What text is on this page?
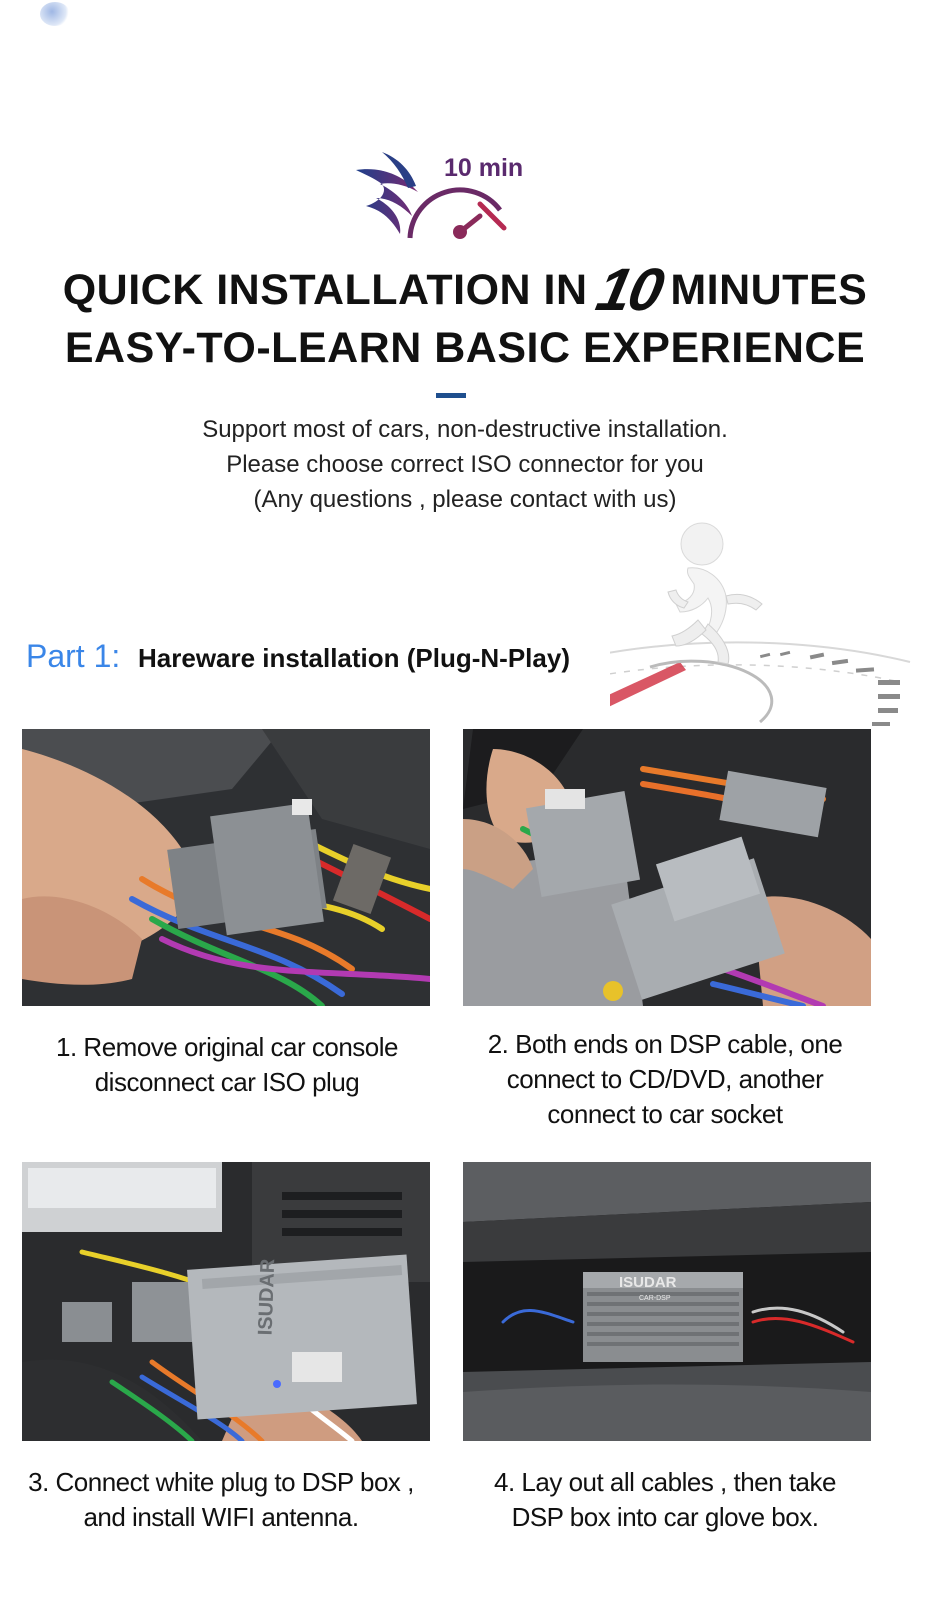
10 min
QUICK INSTALLATION IN10MINUTES
EASY-TO-LEARN BASIC EXPERIENCE
Support most of cars, non-destructive installation.
Please choose correct ISO connector for you
(Any questions , please contact with us)
Part 1: Hareware installation (Plug-N-Play)
ISUDAR	ISUDAR
CAR-DSP
1. Remove original car console
disconnect car ISO plug
2. Both ends on DSP cable, one
connect to CD/DVD, another
connect to car socket
3. Connect white plug to DSP box ,
and install WIFI antenna.
4. Lay out all cables , then take
DSP box into car glove box.
